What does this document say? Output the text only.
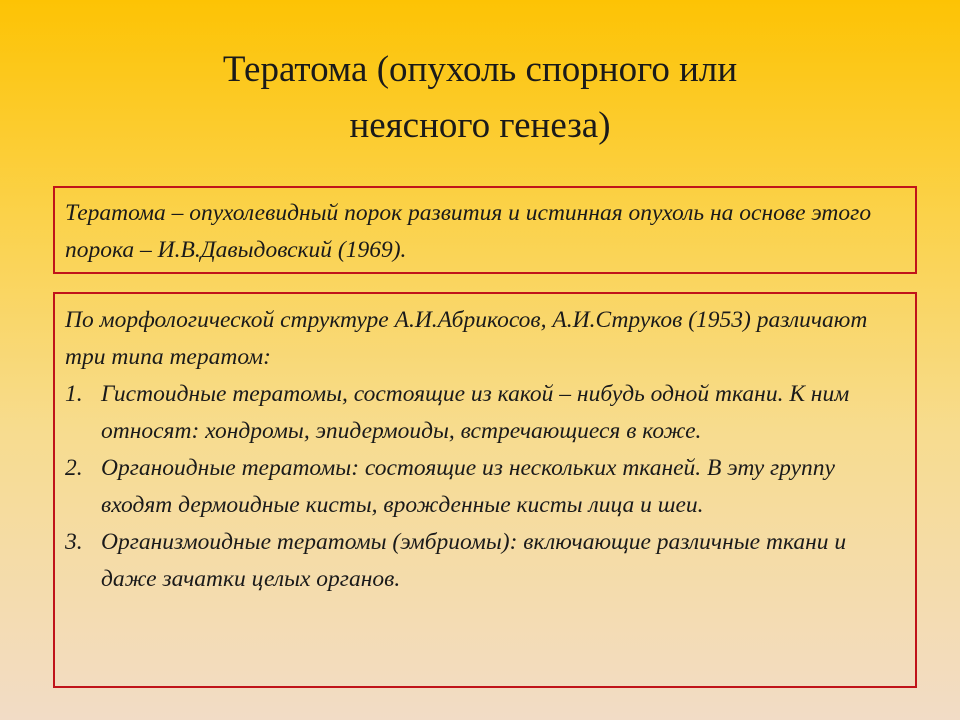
Тератома (опухоль спорного или
неясного генеза)

Тератома – опухолевидный порок развития и истинная опухоль на основе этого порока – И.В.Давыдовский (1969).

По морфологической структуре А.И.Абрикосов, А.И.Струков (1953) различают три типа тератом:

1. Гистоидные тератомы, состоящие из какой – нибудь одной ткани. К ним относят: хондромы, эпидермоиды, встречающиеся в коже.
2. Органоидные тератомы: состоящие из нескольких тканей. В эту группу входят дермоидные кисты, врожденные кисты лица и шеи.
3. Организмоидные тератомы (эмбриомы): включающие различные ткани и даже зачатки целых органов.
